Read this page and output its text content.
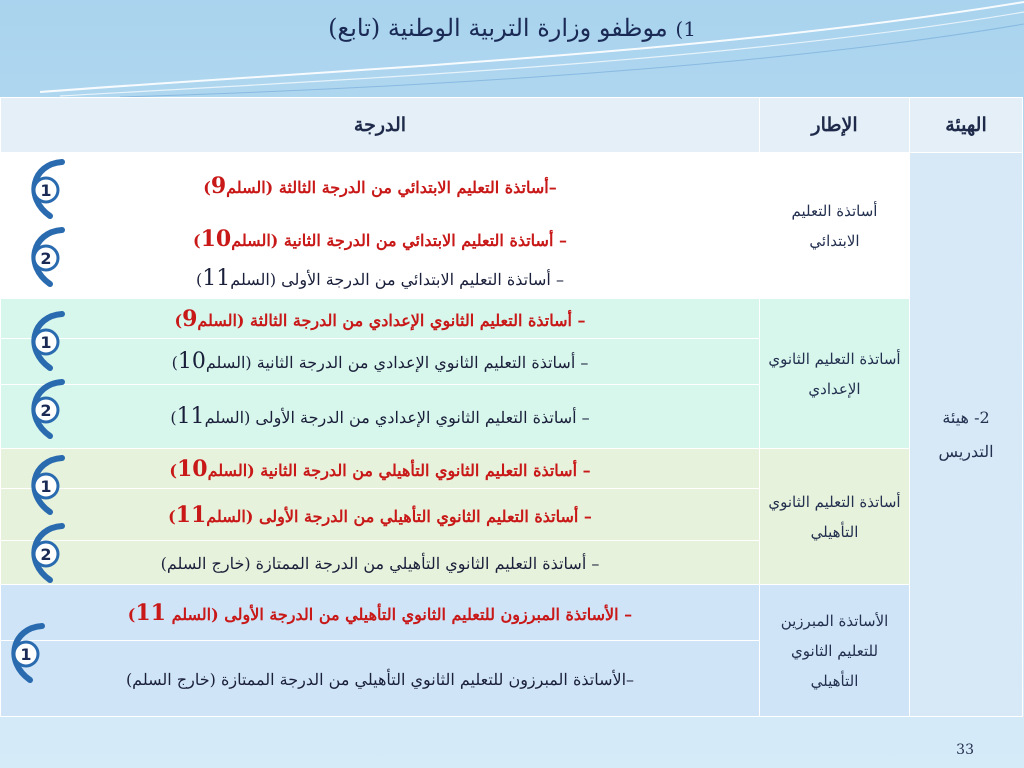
1) موظفو وزارة التربية الوطنية (تابع)
الهيئة	الإطار	الدرجة
2- هيئة التدريس	أساتذة التعليم الابتدائي	–أساتذة التعليم الابتدائي من الدرجة الثالثة (السلم9)
		– أساتذة التعليم الابتدائي من الدرجة الثانية (السلم10)
		– أساتذة التعليم الابتدائي من الدرجة الأولى (السلم11)
	أساتذة التعليم الثانوي الإعدادي	– أساتذة التعليم الثانوي الإعدادي من الدرجة الثالثة (السلم9)
		– أساتذة التعليم الثانوي الإعدادي من الدرجة الثانية (السلم10)
		– أساتذة التعليم الثانوي الإعدادي من الدرجة الأولى (السلم11)
	أساتذة التعليم الثانوي التأهيلي	– أساتذة التعليم الثانوي التأهيلي من الدرجة الثانية (السلم10)
		– أساتذة التعليم الثانوي التأهيلي من الدرجة الأولى (السلم11)
		– أساتذة التعليم الثانوي التأهيلي من الدرجة الممتازة (خارج السلم)
	الأساتذة المبرزين للتعليم الثانوي التأهيلي	– الأساتذة المبرزون للتعليم الثانوي التأهيلي من الدرجة الأولى (السلم 11)
		–الأساتذة المبرزون للتعليم الثانوي التأهيلي من الدرجة الممتازة (خارج السلم)
1
2
1
2
1
2
1
33
